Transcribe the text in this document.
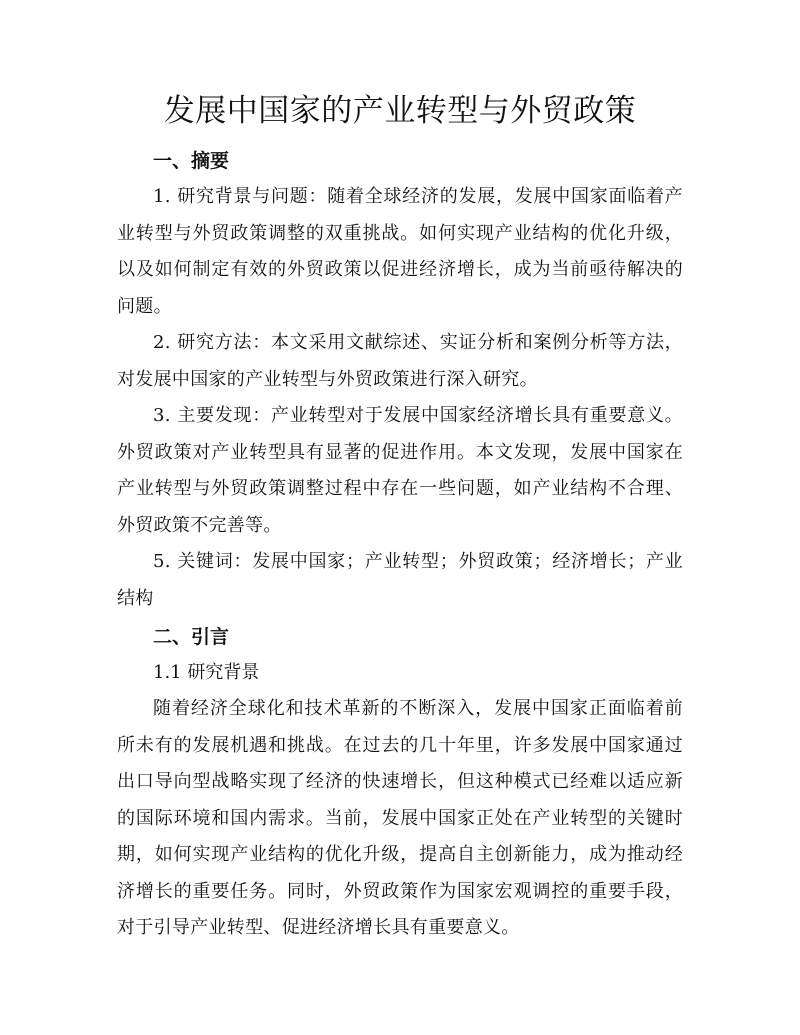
发展中国家的产业转型与外贸政策
一、摘要

1. 研究背景与问题：随着全球经济的发展，发展中国家面临着产业转型与外贸政策调整的双重挑战。如何实现产业结构的优化升级，以及如何制定有效的外贸政策以促进经济增长，成为当前亟待解决的问题。

2. 研究方法：本文采用文献综述、实证分析和案例分析等方法，对发展中国家的产业转型与外贸政策进行深入研究。

3. 主要发现：产业转型对于发展中国家经济增长具有重要意义。外贸政策对产业转型具有显著的促进作用。本文发现，发展中国家在产业转型与外贸政策调整过程中存在一些问题，如产业结构不合理、外贸政策不完善等。

5. 关键词：发展中国家；产业转型；外贸政策；经济增长；产业结构

二、引言

1.1 研究背景

随着经济全球化和技术革新的不断深入，发展中国家正面临着前所未有的发展机遇和挑战。在过去的几十年里，许多发展中国家通过出口导向型战略实现了经济的快速增长，但这种模式已经难以适应新的国际环境和国内需求。当前，发展中国家正处在产业转型的关键时期，如何实现产业结构的优化升级，提高自主创新能力，成为推动经济增长的重要任务。同时，外贸政策作为国家宏观调控的重要手段，对于引导产业转型、促进经济增长具有重要意义。
